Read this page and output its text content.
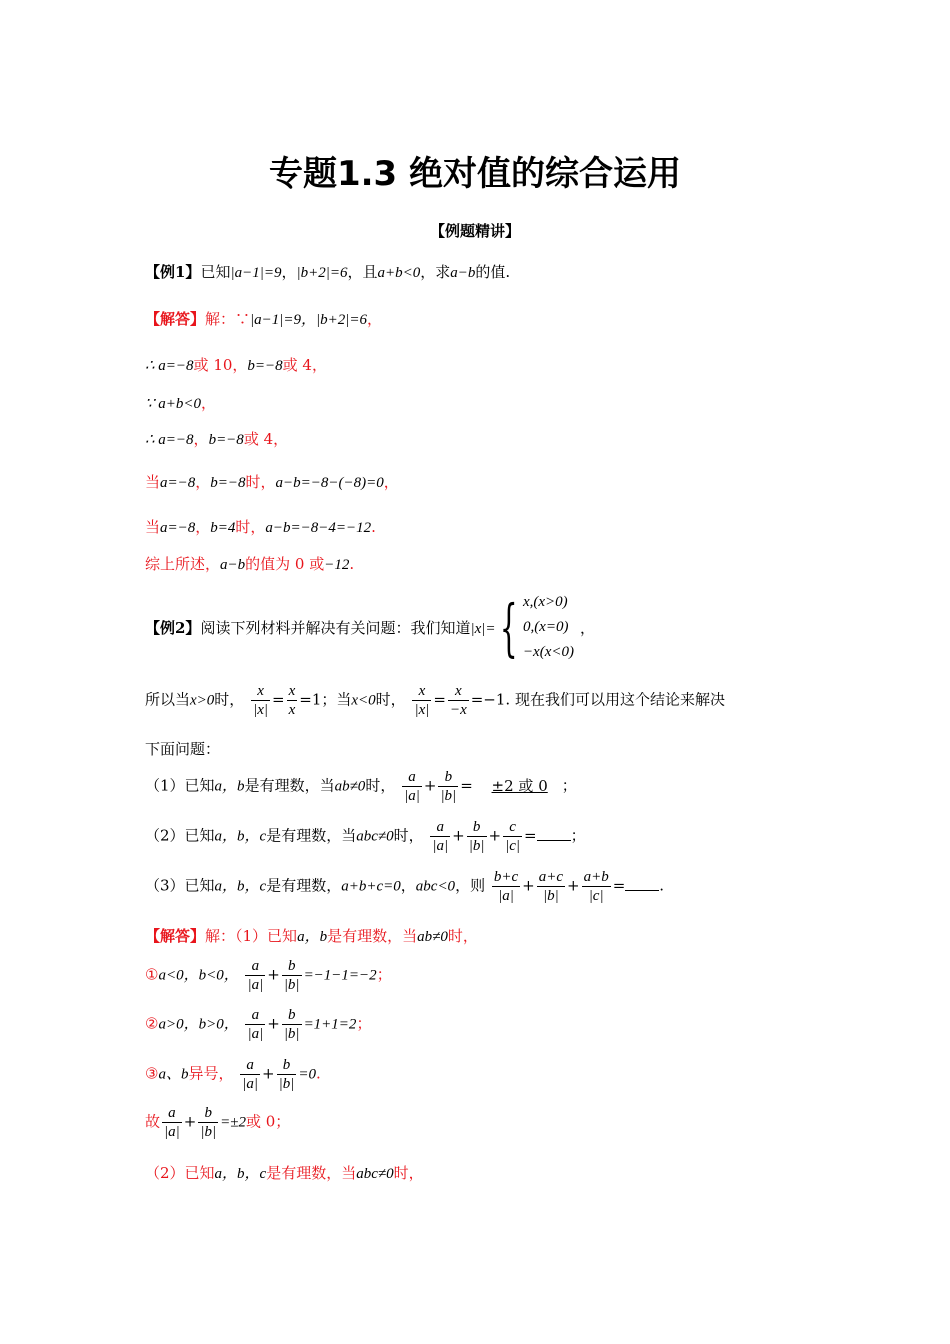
专题1.3 绝对值的综合运用
【例题精讲】
【例1】已知|a−1|=9，|b+2|=6，且a+b<0，求a−b的值.
【解答】解：∵|a−1|=9，|b+2|=6，
∴ a=−8或 10，b=−8或 4，
∵ a+b<0，
∴ a=−8，b=−8或 4，
当a=−8，b=−8时，a−b=−8−(−8)=0，
当a=−8，b=4时，a−b=−8−4=−12.
综上所述，a−b的值为 0 或−12.
【例2】阅读下列材料并解决有关问题：我们知道|x|={ x,(x>0)
0,(x=0)
−x(x<0)
，
所以当x>0时， $\frac{x}{|x|} = \frac{x}{x} =1$；当x<0时， $\frac{x}{|x|} = \frac{x}{-x} =-1$. 现在我们可以用这个结论来解决
下面问题：
（1）已知a，b是有理数，当ab≠0时， $\frac{a}{|a|} + \frac{b}{|b|} = \pm 2$ 或 0 ；
（2）已知a，b，c是有理数，当abc≠0时， $\frac{a}{|a|} + \frac{b}{|b|} + \frac{c}{|c|}$ = ；
（3）已知a，b，c是有理数，a+b+c=0，abc<0，则 $\frac{b+c}{|a|} + \frac{a+c}{|b|} + \frac{a+b}{|c|}$ = .
【解答】解：（1）已知a，b是有理数，当ab≠0时，
①a<0，b<0， $\frac{a}{|a|} + \frac{b}{|b|} =-1-1=-2$；
②a>0，b>0， $\frac{a}{|a|} + \frac{b}{|b|} =1+1=2$；
③a、b异号， $\frac{a}{|a|} + \frac{b}{|b|} =0$.
故 $\frac{a}{|a|} + \frac{b}{|b|} =\pm 2$或 0；
（2）已知a，b，c是有理数，当abc≠0时，
